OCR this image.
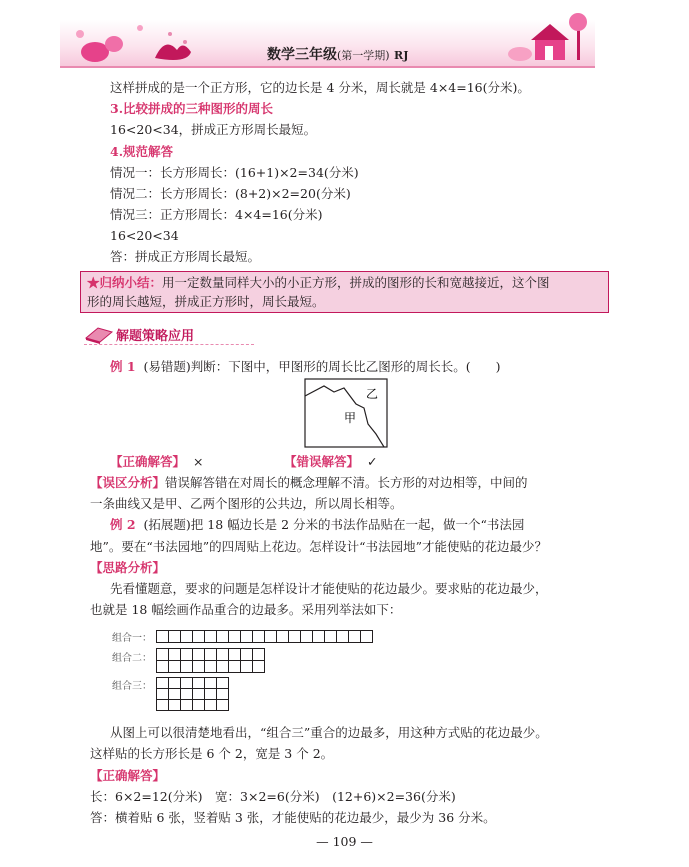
数学三年级(第一学期) RJ
这样拼成的是一个正方形，它的边长是 4 分米，周长就是 4×4=16(分米)。
3.比较拼成的三种图形的周长
16<20<34，拼成正方形周长最短。
4.规范解答
情况一：长方形周长：(16+1)×2=34(分米)
情况二：长方形周长：(8+2)×2=20(分米)
情况三：正方形周长：4×4=16(分米)
16<20<34
答：拼成正方形周长最短。
★归纳小结：用一定数量同样大小的小正方形，拼成的图形的长和宽越接近，这个图
形的周长越短，拼成正方形时，周长最短。
解题策略应用
例 1 (易错题)判断：下图中，甲图形的周长比乙图形的周长长。(　　)
甲
乙
【正确解答】 ×	【错误解答】 ✓
【误区分析】错误解答错在对周长的概念理解不清。长方形的对边相等，中间的
一条曲线又是甲、乙两个图形的公共边，所以周长相等。
例 2 (拓展题)把 18 幅边长是 2 分米的书法作品贴在一起，做一个“书法园
地”。要在“书法园地”的四周贴上花边。怎样设计“书法园地”才能使贴的花边最少？
【思路分析】
先看懂题意，要求的问题是怎样设计才能使贴的花边最少。要求贴的花边最少，
也就是 18 幅绘画作品重合的边最多。采用列举法如下：
组合一：

组合二：

组合三：

从图上可以很清楚地看出，“组合三”重合的边最多，用这种方式贴的花边最少。
这样贴的长方形长是 6 个 2，宽是 3 个 2。
【正确解答】
长：6×2=12(分米)　宽：3×2=6(分米)　(12+6)×2=36(分米)
答：横着贴 6 张，竖着贴 3 张，才能使贴的花边最少，最少为 36 分米。
— 109 —
